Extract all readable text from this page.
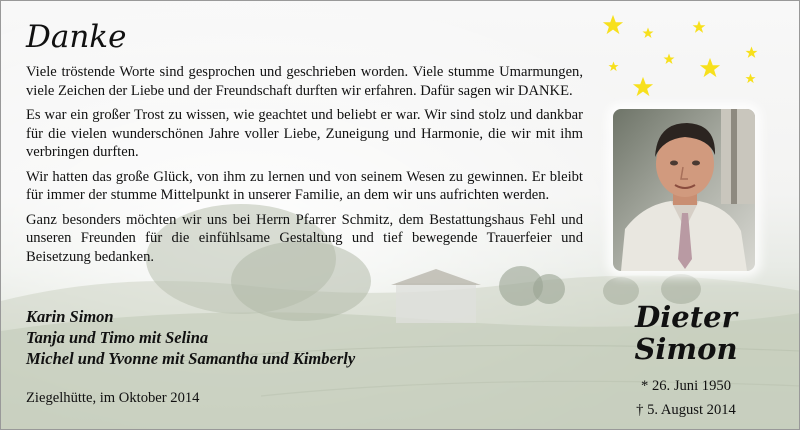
Danke

Viele tröstende Worte sind gesprochen und geschrieben worden. Viele stumme Umarmungen, viele Zeichen der Liebe und der Freundschaft durften wir erfahren. Dafür sagen wir DANKE.

Es war ein großer Trost zu wissen, wie geachtet und beliebt er war. Wir sind stolz und dankbar für die vielen wunderschönen Jahre voller Liebe, Zuneigung und Harmonie, die wir mit ihm verbringen durften.

Wir hatten das große Glück, von ihm zu lernen und von seinem Wesen zu gewinnen. Er bleibt für immer der stumme Mittelpunkt in unserer Familie, an dem wir uns aufrichten werden.

Ganz besonders möchten wir uns bei Herrn Pfarrer Schmitz, dem Bestattungshaus Fehl und unseren Freunden für die einfühlsame Gestaltung und tief bewegende Trauerfeier und Beisetzung bedanken.

Karin Simon
Tanja und Timo mit Selina
Michel und Yvonne mit Samantha und Kimberly
Ziegelhütte, im Oktober 2014
Dieter
Simon
* 26. Juni 1950
† 5. August 2014
